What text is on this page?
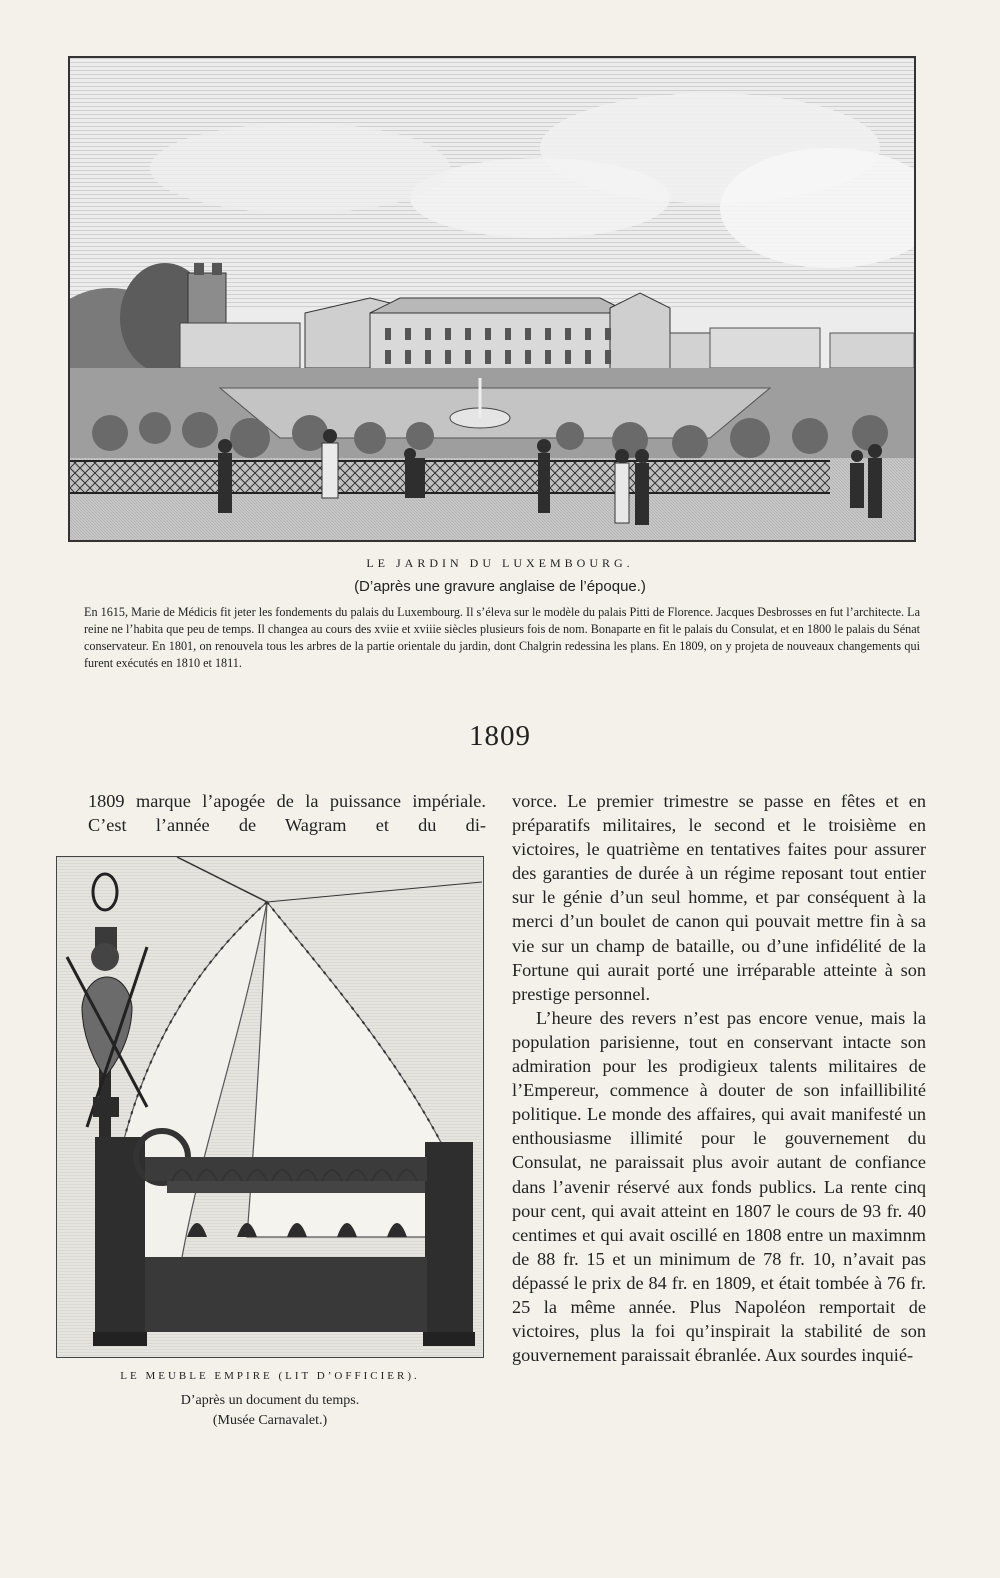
LE JARDIN DU LUXEMBOURG.
(D’après une gravure anglaise de l’époque.)
En 1615, Marie de Médicis fit jeter les fondements du palais du Luxembourg. Il s’éleva sur le modèle du palais Pitti de Florence. Jacques Desbrosses en fut l’architecte. La reine ne l’habita que peu de temps. Il changea au cours des xviie et xviiie siècles plusieurs fois de nom. Bonaparte en fit le palais du Consulat, et en 1800 le palais du Sénat conservateur. En 1801, on renouvela tous les arbres de la partie orientale du jardin, dont Chalgrin redessina les plans. En 1809, on y projeta de nouveaux changements qui furent exécutés en 1810 et 1811.
1809
1809 marque l’apogée de la puissance impériale. C’est l’année de Wagram et du di-
LE MEUBLE EMPIRE (LIT D’OFFICIER).
D’après un document du temps.
(Musée Carnavalet.)

vorce. Le premier trimestre se passe en fêtes et en préparatifs militaires, le second et le troisième en victoires, le quatrième en tentatives faites pour assurer des garanties de durée à un régime reposant tout entier sur le génie d’un seul homme, et par conséquent à la merci d’un boulet de canon qui pouvait mettre fin à sa vie sur un champ de bataille, ou d’une infidélité de la Fortune qui aurait porté une irréparable atteinte à son prestige personnel.

L’heure des revers n’est pas encore venue, mais la population parisienne, tout en conservant intacte son admiration pour les prodigieux talents militaires de l’Empereur, commence à douter de son infaillibilité politique. Le monde des affaires, qui avait manifesté un enthousiasme illimité pour le gouvernement du Consulat, ne paraissait plus avoir autant de confiance dans l’avenir réservé aux fonds publics. La rente cinq pour cent, qui avait atteint en 1807 le cours de 93 fr. 40 centimes et qui avait oscillé en 1808 entre un maximnm de 88 fr. 15 et un minimum de 78 fr. 10, n’avait pas dépassé le prix de 84 fr. en 1809, et était tombée à 76 fr. 25 la même année. Plus Napoléon remportait de victoires, plus la foi qu’inspirait la stabilité de son gouvernement paraissait ébranlée. Aux sourdes inquié-
